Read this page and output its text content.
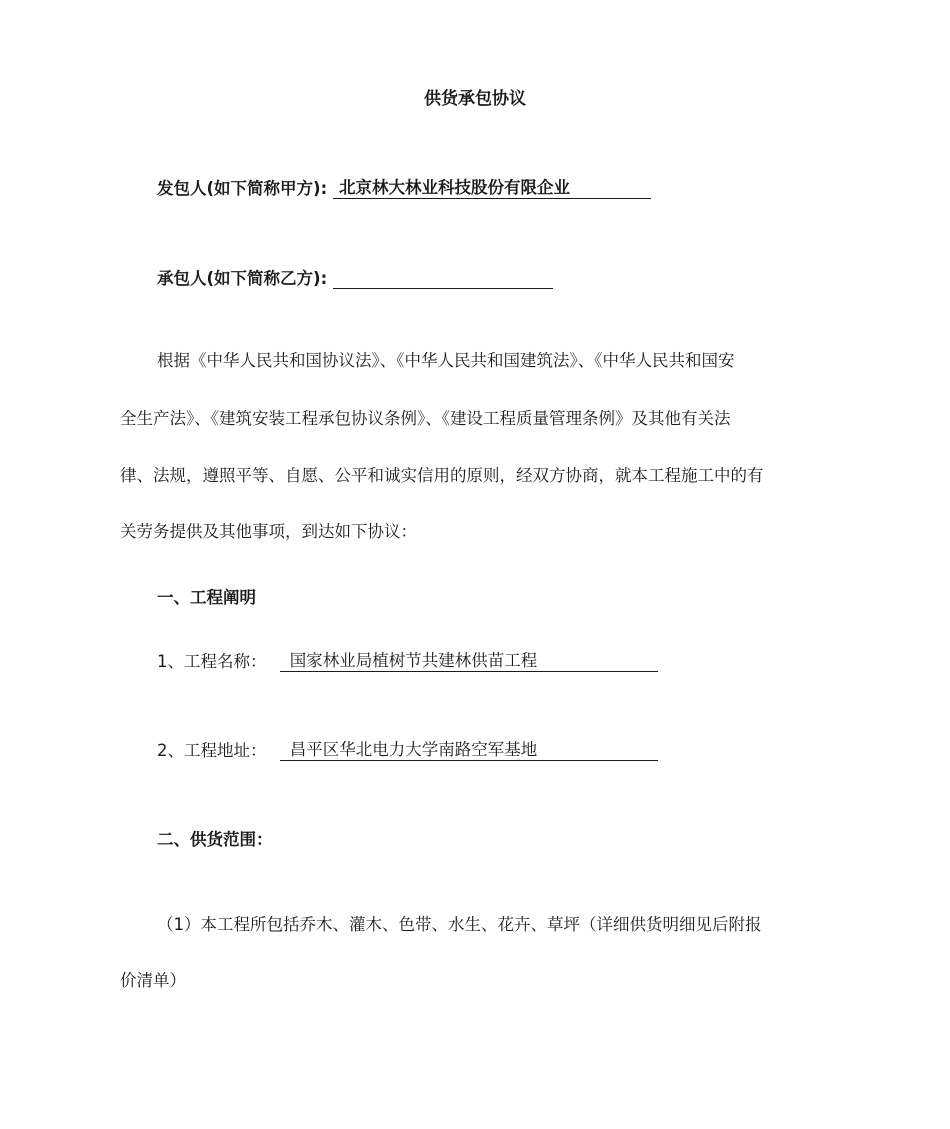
供货承包协议
发包人(如下简称甲方): 北京林大林业科技股份有限企业
承包人(如下简称乙方):
根据《中华人民共和国协议法》、《中华人民共和国建筑法》、《中华人民共和国安
全生产法》、《建筑安装工程承包协议条例》、《建设工程质量管理条例》及其他有关法
律、法规，遵照平等、自愿、公平和诚实信用的原则，经双方协商，就本工程施工中的有
关劳务提供及其他事项，到达如下协议：
一、工程阐明
1、工程名称： 国家林业局植树节共建林供苗工程
2、工程地址： 昌平区华北电力大学南路空军基地
二、供货范围：
（1）本工程所包括乔木、灌木、色带、水生、花卉、草坪（详细供货明细见后附报
价清单）
